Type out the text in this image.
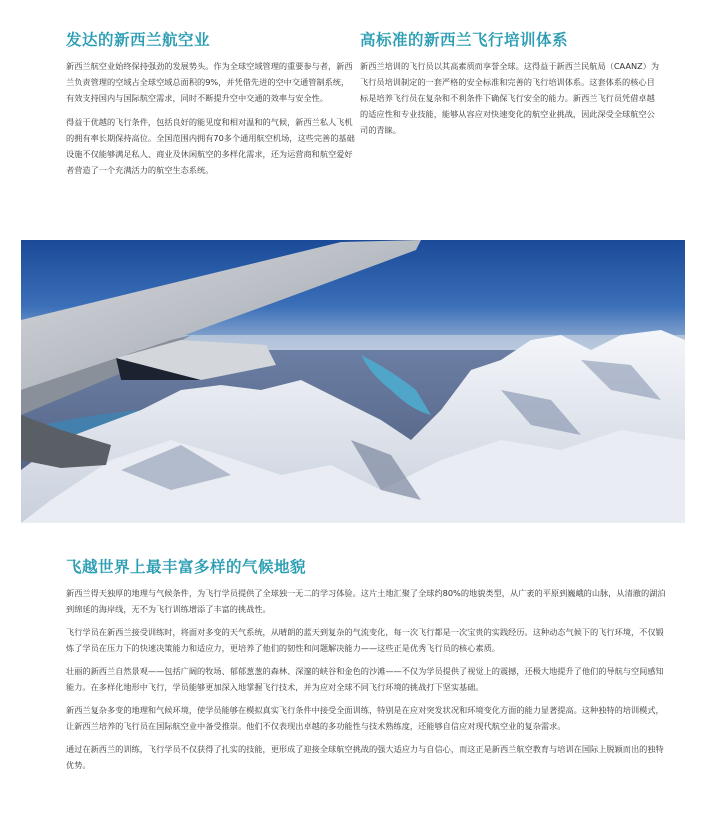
发达的新西兰航空业

新西兰航空业始终保持强劲的发展势头。作为全球空域管理的重要参与者，新西兰负责管理的空域占全球空域总面积的9%，并凭借先进的空中交通管制系统，有效支持国内与国际航空需求，同时不断提升空中交通的效率与安全性。

得益于优越的飞行条件，包括良好的能见度和相对温和的气候，新西兰私人飞机的拥有率长期保持高位。全国范围内拥有70多个通用航空机场，这些完善的基础设施不仅能够满足私人、商业及休闲航空的多样化需求，还为运营商和航空爱好者营造了一个充满活力的航空生态系统。

高标准的新西兰飞行培训体系

新西兰培训的飞行员以其高素质而享誉全球。这得益于新西兰民航局（CAANZ）为飞行员培训制定的一套严格的安全标准和完善的飞行培训体系。这套体系的核心目标是培养飞行员在复杂和不利条件下确保飞行安全的能力。新西兰飞行员凭借卓越的适应性和专业技能，能够从容应对快速变化的航空业挑战，因此深受全球航空公司的青睐。

飞越世界上最丰富多样的气候地貌

新西兰得天独厚的地理与气候条件，为飞行学员提供了全球独一无二的学习体验。这片土地汇聚了全球约80%的地貌类型，从广袤的平原到巍峨的山脉，从清澈的湖泊到绵延的海岸线，无不为飞行训练增添了丰富的挑战性。

飞行学员在新西兰接受训练时，将面对多变的天气系统，从晴朗的蓝天到复杂的气流变化，每一次飞行都是一次宝贵的实践经历。这种动态气候下的飞行环境，不仅锻炼了学员在压力下的快速决策能力和适应力，更培养了他们的韧性和问题解决能力——这些正是优秀飞行员的核心素质。

壮丽的新西兰自然景观——包括广阔的牧场、郁郁葱葱的森林、深邃的峡谷和金色的沙滩——不仅为学员提供了视觉上的震撼，还极大地提升了他们的导航与空间感知能力。在多样化地形中飞行，学员能够更加深入地掌握飞行技术，并为应对全球不同飞行环境的挑战打下坚实基础。

新西兰复杂多变的地理和气候环境，使学员能够在模拟真实飞行条件中接受全面训练，特别是在应对突发状况和环境变化方面的能力显著提高。这种独特的培训模式，让新西兰培养的飞行员在国际航空业中备受推崇。他们不仅表现出卓越的多功能性与技术熟练度，还能够自信应对现代航空业的复杂需求。

通过在新西兰的训练，飞行学员不仅获得了扎实的技能，更形成了迎接全球航空挑战的强大适应力与自信心，而这正是新西兰航空教育与培训在国际上脱颖而出的独特优势。
